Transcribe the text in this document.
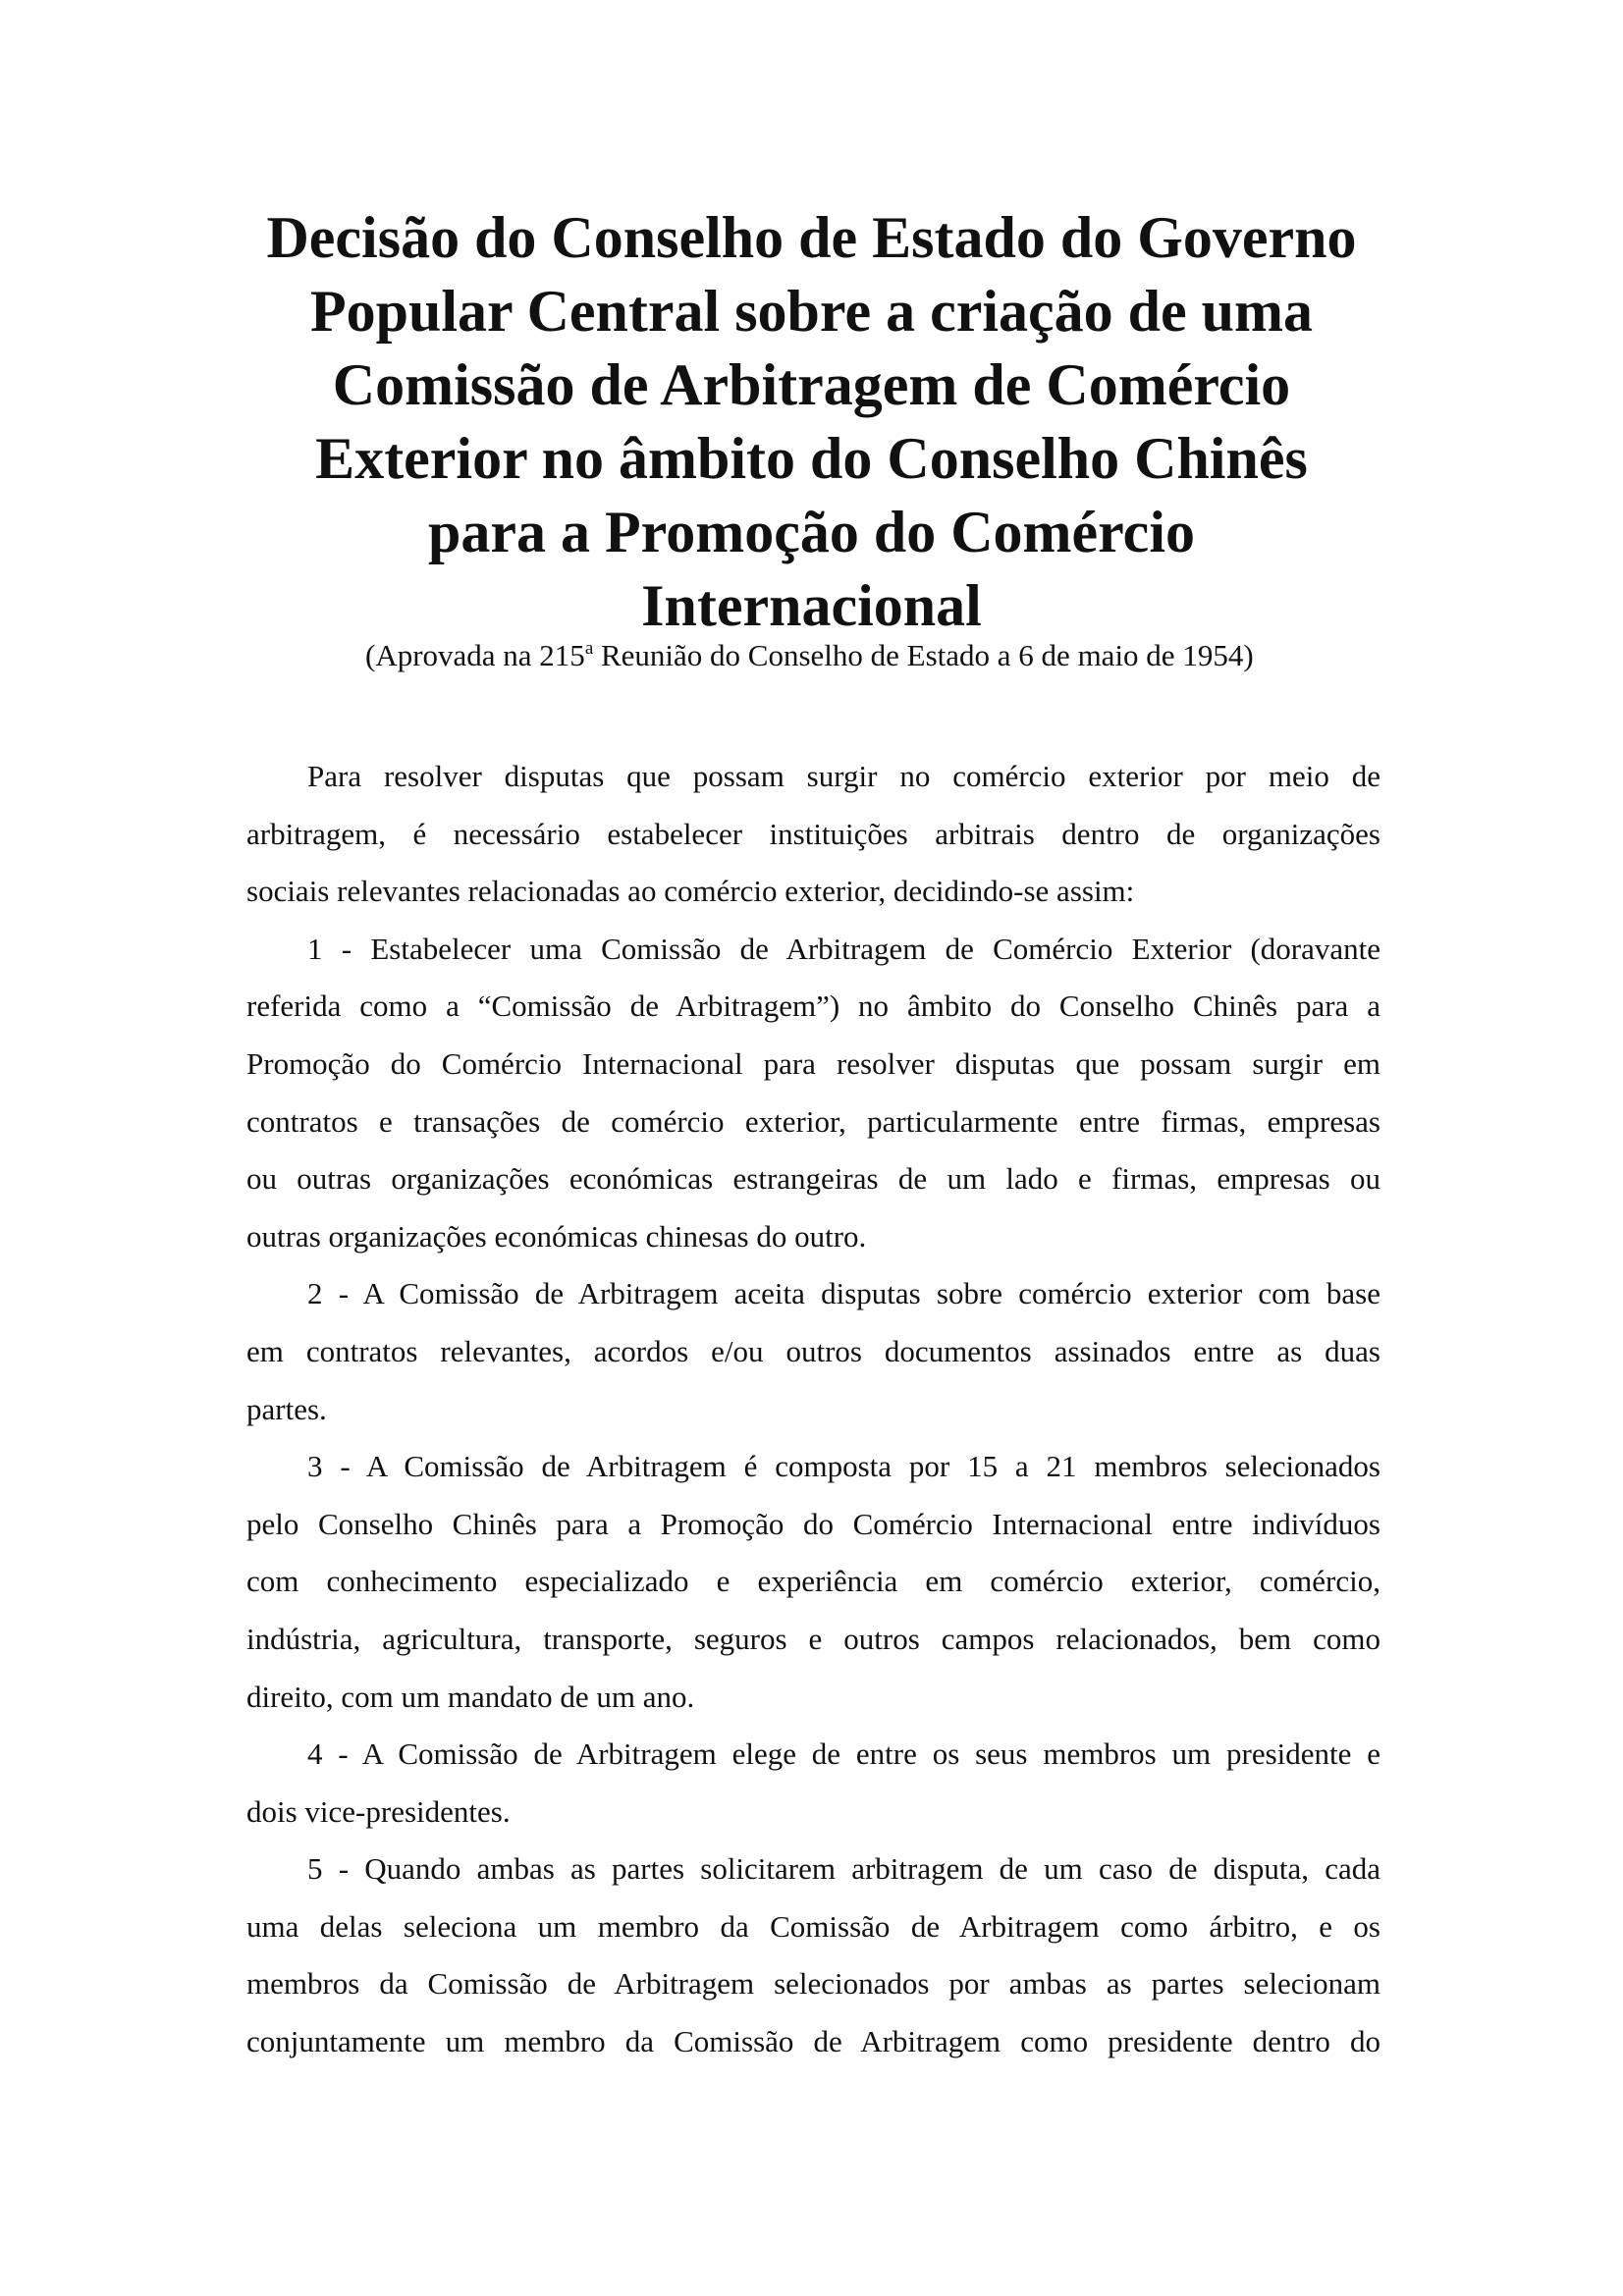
Decisão do Conselho de Estado do Governo
Popular Central sobre a criação de uma
Comissão de Arbitragem de Comércio
Exterior no âmbito do Conselho Chinês
para a Promoção do Comércio
Internacional
(Aprovada na 215$^a$ Reunião do Conselho de Estado a 6 de maio de 1954)

Para resolver disputas que possam surgir no comércio exterior por meio de
arbitragem, é necessário estabelecer instituições arbitrais dentro de organizações
sociais relevantes relacionadas ao comércio exterior, decidindo-se assim:

1 - Estabelecer uma Comissão de Arbitragem de Comércio Exterior (doravante
referida como a “Comissão de Arbitragem”) no âmbito do Conselho Chinês para a
Promoção do Comércio Internacional para resolver disputas que possam surgir em
contratos e transações de comércio exterior, particularmente entre firmas, empresas
ou outras organizações económicas estrangeiras de um lado e firmas, empresas ou
outras organizações económicas chinesas do outro.

2 - A Comissão de Arbitragem aceita disputas sobre comércio exterior com base
em contratos relevantes, acordos e/ou outros documentos assinados entre as duas
partes.

3 - A Comissão de Arbitragem é composta por 15 a 21 membros selecionados
pelo Conselho Chinês para a Promoção do Comércio Internacional entre indivíduos
com conhecimento especializado e experiência em comércio exterior, comércio,
indústria, agricultura, transporte, seguros e outros campos relacionados, bem como
direito, com um mandato de um ano.

4 - A Comissão de Arbitragem elege de entre os seus membros um presidente e
dois vice-presidentes.

5 - Quando ambas as partes solicitarem arbitragem de um caso de disputa, cada
uma delas seleciona um membro da Comissão de Arbitragem como árbitro, e os
membros da Comissão de Arbitragem selecionados por ambas as partes selecionam
conjuntamente um membro da Comissão de Arbitragem como presidente dentro do
